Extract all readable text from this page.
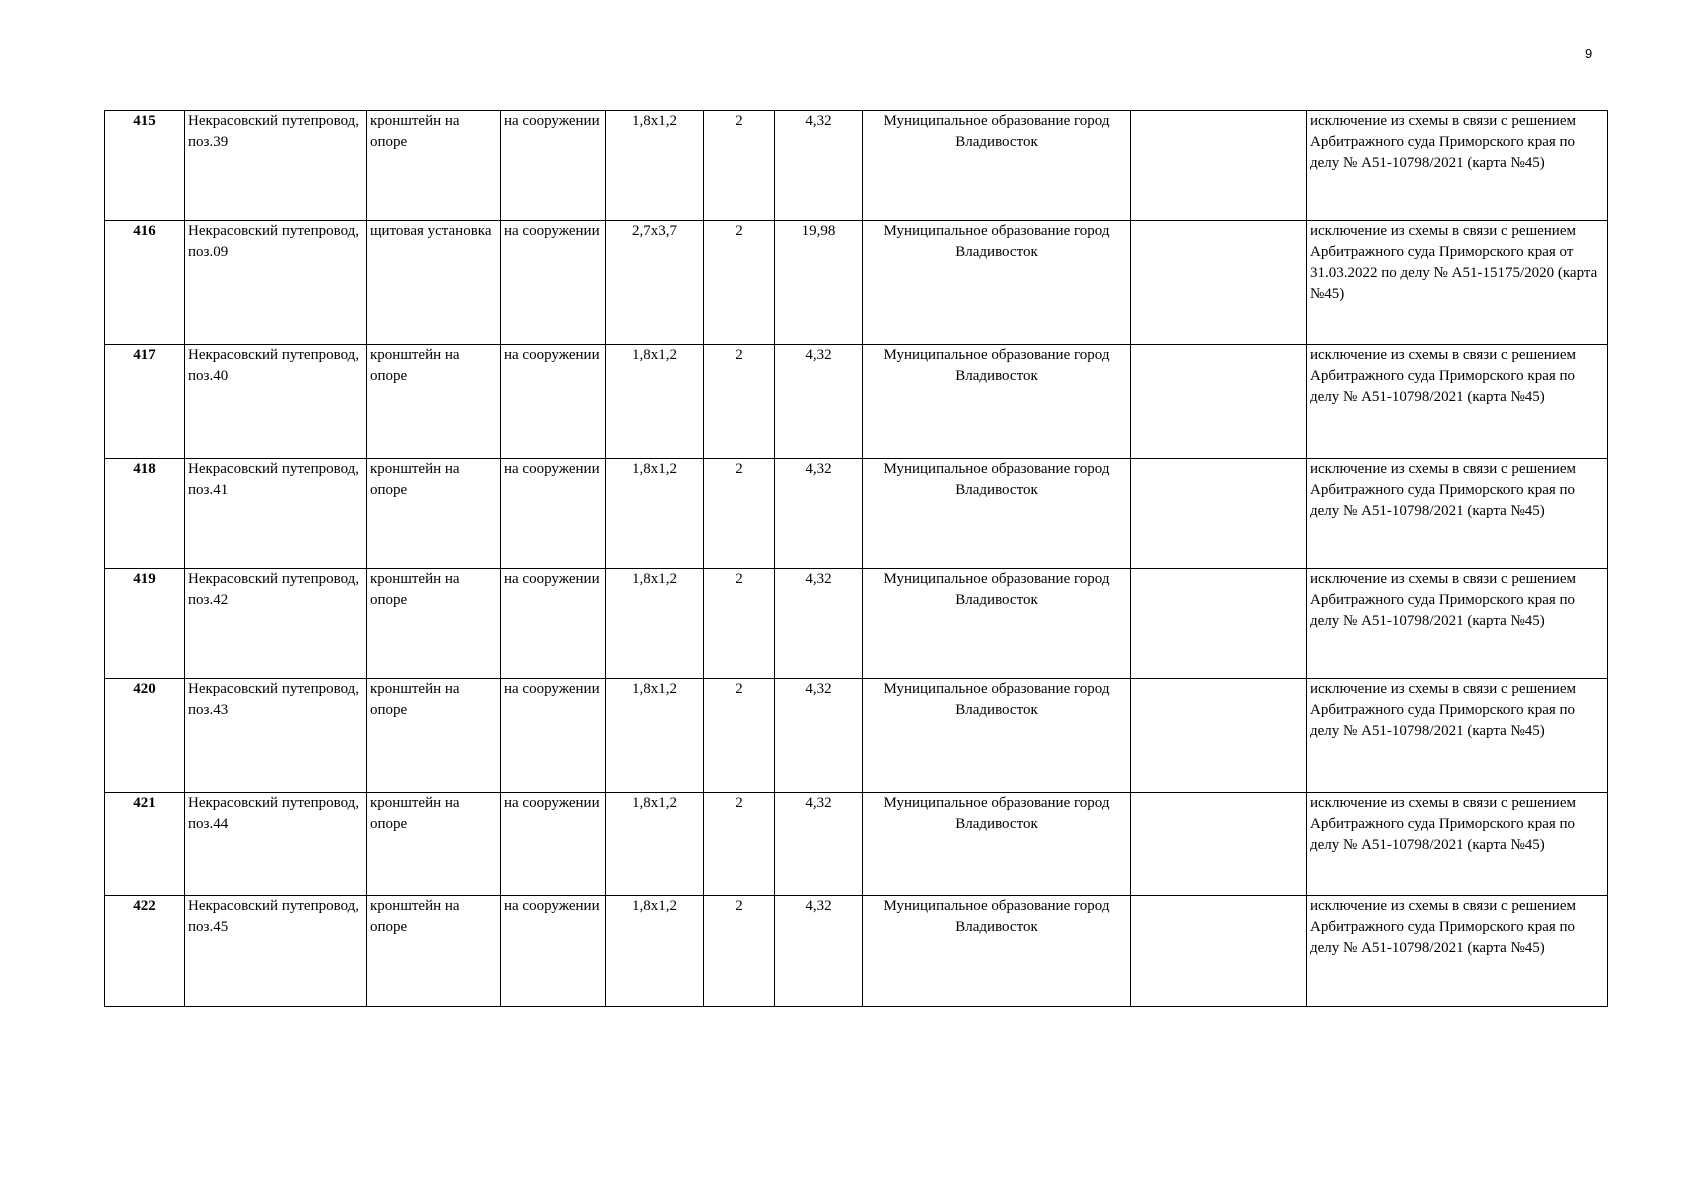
9
415	Некрасовский путепровод, поз.39	кронштейн на опоре	на сооружении	1,8x1,2	2	4,32	Муниципальное образование город Владивосток		исключение из схемы в связи с решением Арбитражного суда Приморского края по делу № А51-10798/2021 (карта №45)
416	Некрасовский путепровод, поз.09	щитовая установка	на сооружении	2,7x3,7	2	19,98	Муниципальное образование город Владивосток		исключение из схемы в связи с решением Арбитражного суда Приморского края от 31.03.2022 по делу № А51-15175/2020 (карта №45)
417	Некрасовский путепровод, поз.40	кронштейн на опоре	на сооружении	1,8x1,2	2	4,32	Муниципальное образование город Владивосток		исключение из схемы в связи с решением Арбитражного суда Приморского края по делу № А51-10798/2021 (карта №45)
418	Некрасовский путепровод, поз.41	кронштейн на опоре	на сооружении	1,8x1,2	2	4,32	Муниципальное образование город Владивосток		исключение из схемы в связи с решением Арбитражного суда Приморского края по делу № А51-10798/2021 (карта №45)
419	Некрасовский путепровод, поз.42	кронштейн на опоре	на сооружении	1,8x1,2	2	4,32	Муниципальное образование город Владивосток		исключение из схемы в связи с решением Арбитражного суда Приморского края по делу № А51-10798/2021 (карта №45)
420	Некрасовский путепровод, поз.43	кронштейн на опоре	на сооружении	1,8x1,2	2	4,32	Муниципальное образование город Владивосток		исключение из схемы в связи с решением Арбитражного суда Приморского края по делу № А51-10798/2021 (карта №45)
421	Некрасовский путепровод, поз.44	кронштейн на опоре	на сооружении	1,8x1,2	2	4,32	Муниципальное образование город Владивосток		исключение из схемы в связи с решением Арбитражного суда Приморского края по делу № А51-10798/2021 (карта №45)
422	Некрасовский путепровод, поз.45	кронштейн на опоре	на сооружении	1,8x1,2	2	4,32	Муниципальное образование город Владивосток		исключение из схемы в связи с решением Арбитражного суда Приморского края по делу № А51-10798/2021 (карта №45)
